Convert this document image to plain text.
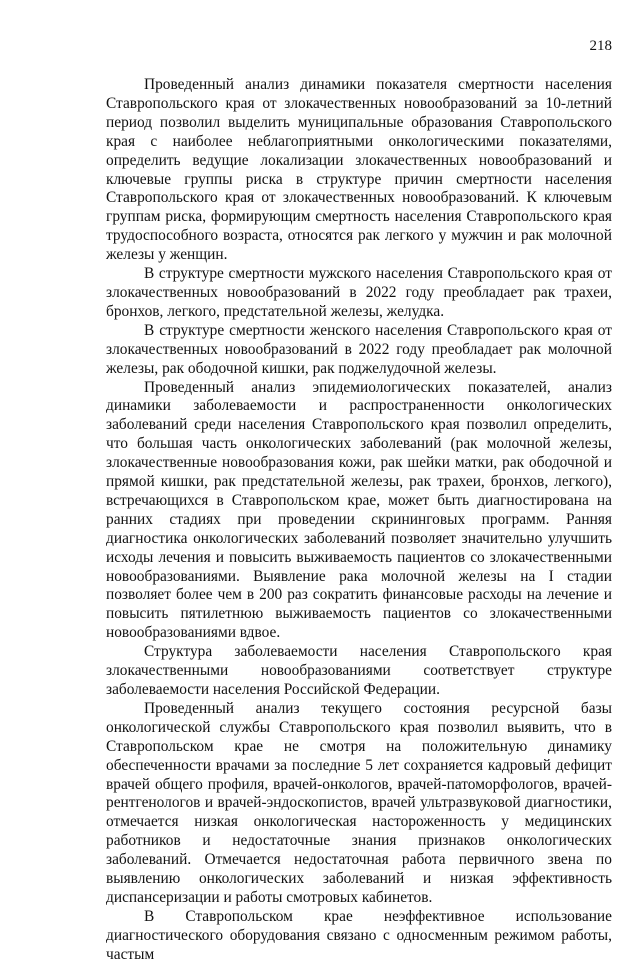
218

Проведенный анализ динамики показателя смертности населения Ставропольского края от злокачественных новообразований за 10-летний период позволил выделить муниципальные образования Ставропольского края с наиболее неблагоприятными онкологическими показателями, определить ведущие локализации злокачественных новообразований и ключевые группы риска в структуре причин смертности населения Ставропольского края от злокачественных новообразований. К ключевым группам риска, формирующим смертность населения Ставропольского края трудоспособного возраста, относятся рак легкого у мужчин и рак молочной железы у женщин.

В структуре смертности мужского населения Ставропольского края от злокачественных новообразований в 2022 году преобладает рак трахеи, бронхов, легкого, предстательной железы, желудка.

В структуре смертности женского населения Ставропольского края от злокачественных новообразований в 2022 году преобладает рак молочной железы, рак ободочной кишки, рак поджелудочной железы.

Проведенный анализ эпидемиологических показателей, анализ динамики заболеваемости и распространенности онкологических заболеваний среди населения Ставропольского края позволил определить, что большая часть онкологических заболеваний (рак молочной железы, злокачественные новообразования кожи, рак шейки матки, рак ободочной и прямой кишки, рак предстательной железы, рак трахеи, бронхов, легкого), встречающихся в Ставропольском крае, может быть диагностирована на ранних стадиях при проведении скрининговых программ. Ранняя диагностика онкологических заболеваний позволяет значительно улучшить исходы лечения и повысить выживаемость пациентов со злокачественными новообразованиями. Выявление рака молочной железы на I стадии позволяет более чем в 200 раз сократить финансовые расходы на лечение и повысить пятилетнюю выживаемость пациентов со злокачественными новообразованиями вдвое.

Структура заболеваемости населения Ставропольского края злокачественными новообразованиями соответствует структуре заболеваемости населения Российской Федерации.

Проведенный анализ текущего состояния ресурсной базы онкологической службы Ставропольского края позволил выявить, что в Ставропольском крае не смотря на положительную динамику обеспеченности врачами за последние 5 лет сохраняется кадровый дефицит врачей общего профиля, врачей-онкологов, врачей-патоморфологов, врачей-рентгенологов и врачей-эндоскопистов, врачей ультразвуковой диагностики, отмечается низкая онкологическая настороженность у медицинских работников и недостаточные знания признаков онкологических заболеваний. Отмечается недостаточная работа первичного звена по выявлению онкологических заболеваний и низкая эффективность диспансеризации и работы смотровых кабинетов.

В Ставропольском крае неэффективное использование диагностического оборудования связано с односменным режимом работы, частым
